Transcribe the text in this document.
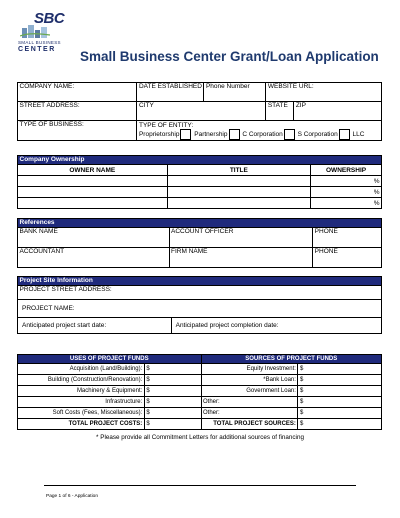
SBC
SMALL BUSINESS
CENTER Small Business Center Grant/Loan Application
COMPANY NAME:	DATE ESTABLISHED	Phone Number	WEBSITE URL:	
STREET ADDRESS:	CITY		STATE	ZIP
TYPE OF BUSINESS:	TYPE OF ENTITY:
Proprietorship Partnership C Corporation S Corporation LLC			
Company Ownership		
OWNER NAME	TITLE	OWNERSHIP
		%
		%
		%
References		
BANK NAME	ACCOUNT OFFICER	PHONE
ACCOUNTANT	FIRM NAME	PHONE
Project Site Information
PROJECT STREET ADDRESS:
PROJECT NAME:
Anticipated project start date:	Anticipated project completion date:
USES OF PROJECT FUNDS		SOURCES OF PROJECT FUNDS	
Acquisition (Land/Building):	$	Equity Investment:	$
Building (Construction/Renovation):	$	*Bank Loan:	$
Machinery & Equipment:	$	Government Loan:	$
Infrastructure:	$	Other:	$
Soft Costs (Fees, Miscellaneous):	$	Other:	$
TOTAL PROJECT COSTS:	$	TOTAL PROJECT SOURCES:	$
* Please provide all Commitment Letters for additional sources of financing
Page 1 of 6 - Application
